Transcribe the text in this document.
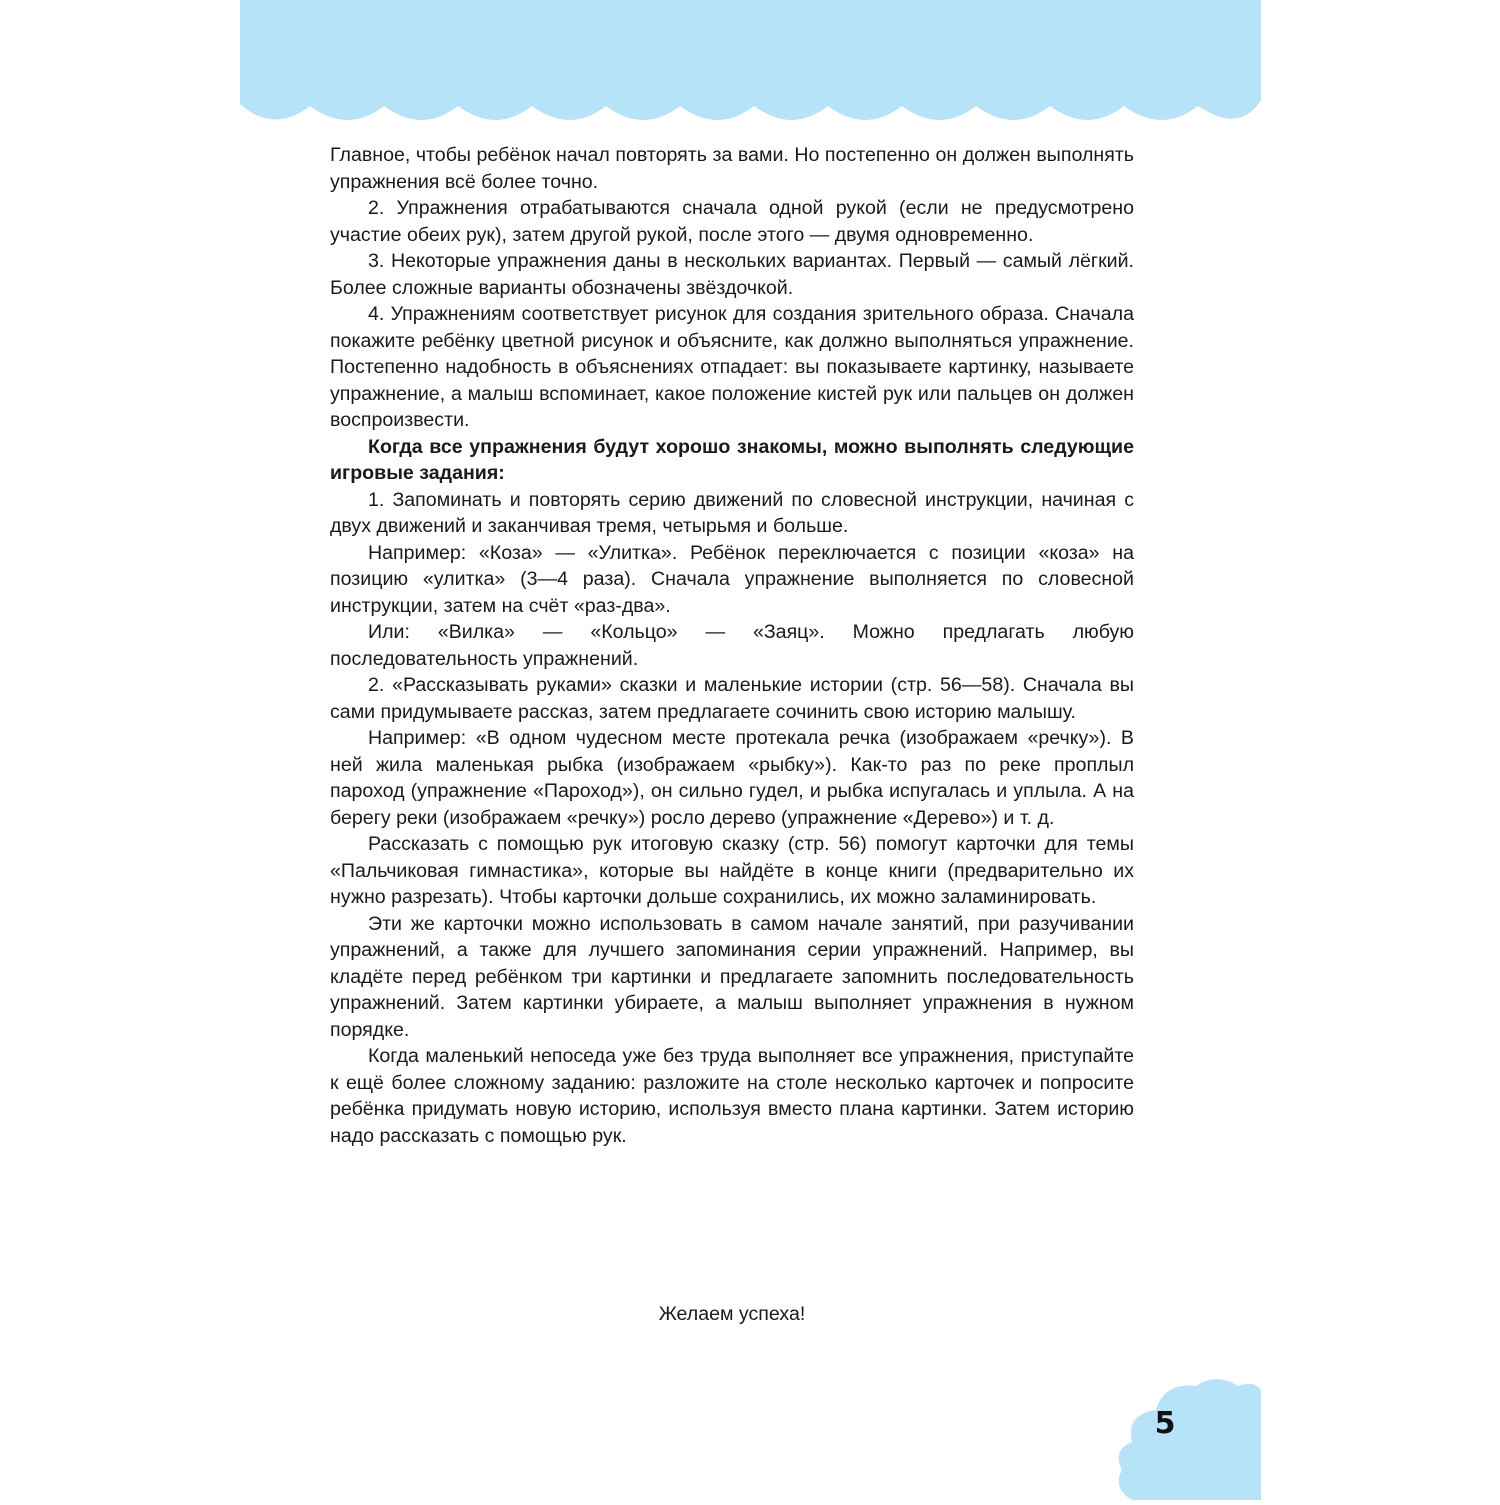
Главное, чтобы ребёнок начал повторять за вами. Но постепенно он должен выполнять упражнения всё более точно.

2. Упражнения отрабатываются сначала одной рукой (если не предусмотрено участие обеих рук), затем другой рукой, после этого — двумя одновременно.

3. Некоторые упражнения даны в нескольких вариантах. Первый — самый лёгкий. Более сложные варианты обозначены звёздочкой.

4. Упражнениям соответствует рисунок для создания зрительного образа. Сначала покажите ребёнку цветной рисунок и объясните, как должно выполняться упражнение. Постепенно надобность в объяснениях отпадает: вы показываете картинку, называете упражнение, а малыш вспоминает, какое положение кистей рук или пальцев он должен воспроизвести.

Когда все упражнения будут хорошо знакомы, можно выполнять следующие игровые задания:

1. Запоминать и повторять серию движений по словесной инструкции, начиная с двух движений и заканчивая тремя, четырьмя и больше.

Например: «Коза» — «Улитка». Ребёнок переключается с позиции «коза» на позицию «улитка» (3—4 раза). Сначала упражнение выполняется по словесной инструкции, затем на счёт «раз-два».

Или: «Вилка» — «Кольцо» — «Заяц». Можно предлагать любую последовательность упражнений.

2. «Рассказывать руками» сказки и маленькие истории (стр. 56—58). Сначала вы сами придумываете рассказ, затем предлагаете сочинить свою историю малышу.

Например: «В одном чудесном месте протекала речка (изображаем «речку»). В ней жила маленькая рыбка (изображаем «рыбку»). Как-то раз по реке проплыл пароход (упражнение «Пароход»), он сильно гудел, и рыбка испугалась и уплыла. А на берегу реки (изображаем «речку») росло дерево (упражнение «Дерево») и т. д.

Рассказать с помощью рук итоговую сказку (стр. 56) помогут карточки для темы «Пальчиковая гимнастика», которые вы найдёте в конце книги (предварительно их нужно разрезать). Чтобы карточки дольше сохранились, их можно заламинировать.

Эти же карточки можно использовать в самом начале занятий, при разучивании упражнений, а также для лучшего запоминания серии упражнений. Например, вы кладёте перед ребёнком три картинки и предлагаете запомнить последовательность упражнений. Затем картинки убираете, а малыш выполняет упражнения в нужном порядке.

Когда маленький непоседа уже без труда выполняет все упражнения, приступайте к ещё более сложному заданию: разложите на столе несколько карточек и попросите ребёнка придумать новую историю, используя вместо плана картинки. Затем историю надо рассказать с помощью рук.

Желаем успеха!
5
